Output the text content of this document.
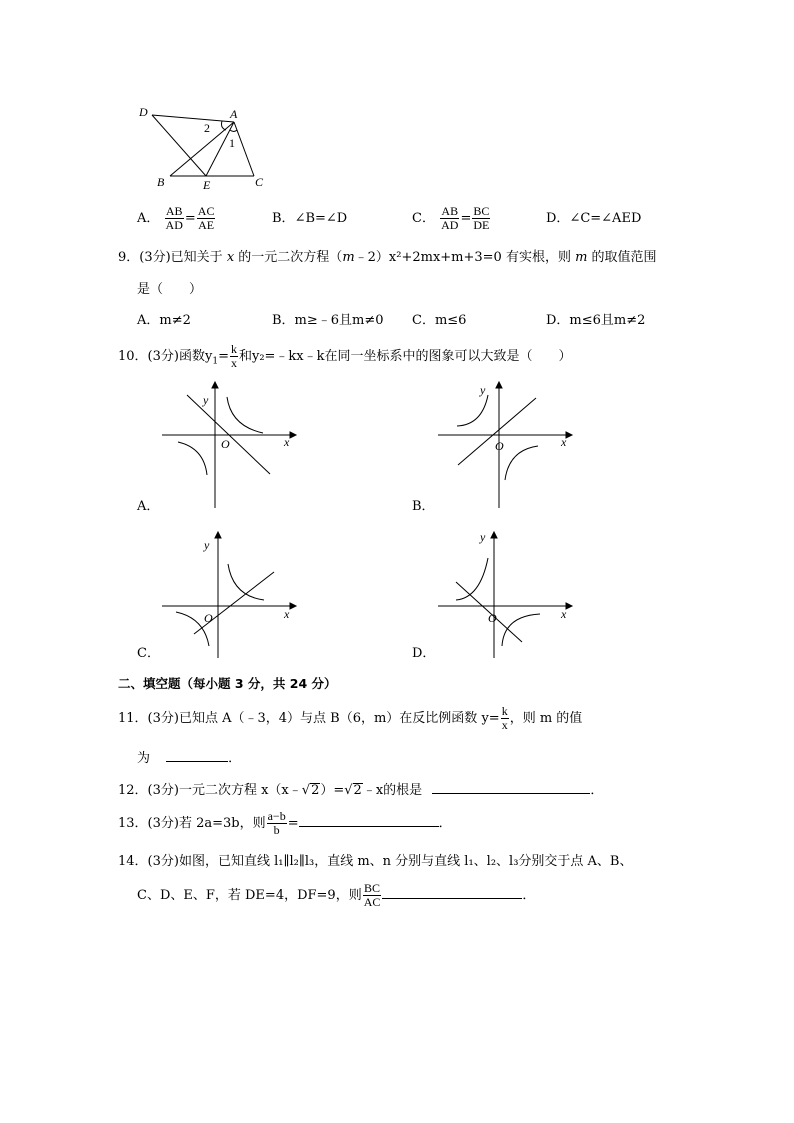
D	A
2
1
B	E	C
A． $\frac{AB}{AD} = \frac{AC}{AE}$	B．∠B=∠D	C． $\frac{AB}{AD} = \frac{BC}{DE}$	D．∠C=∠AED
9．(3分)已知关于 x 的一元二次方程（m﹣2）x²+2mx+m+3=0 有实根，则 m 的取值范围
是（　　）
A．m≠2	B．m≥﹣6且m≠0 C．m≤6	D．m≤6且m≠2
10．(3分)函数$y_1= \frac{k}{x}$ 和y₂=﹣kx﹣k在同一坐标系中的图象可以大致是（　　）
y
O	x
A．
y
O	x
B．
y
O	x
C．
y
O	x
D．
二、填空题（每小题 3 分，共 24 分）
11．(3分)已知点 A（﹣3，4）与点 B（6，m）在反比例函数 $y= \frac{k}{x}$ ，则 m 的值
为	．
12．(3分)一元二次方程 x（x﹣√2）=√2﹣x的根是	．
13．(3分)若 2a=3b，则 $\frac{a-b}{b}$ =	．
14．(3分)如图，已知直线 l₁∥l₂∥l₃，直线 m、n 分别与直线 l₁、l₂、l₃分别交于点 A、B、
C、D、E、F，若 DE=4，DF=9，则 $\frac{BC}{AC}$	．
